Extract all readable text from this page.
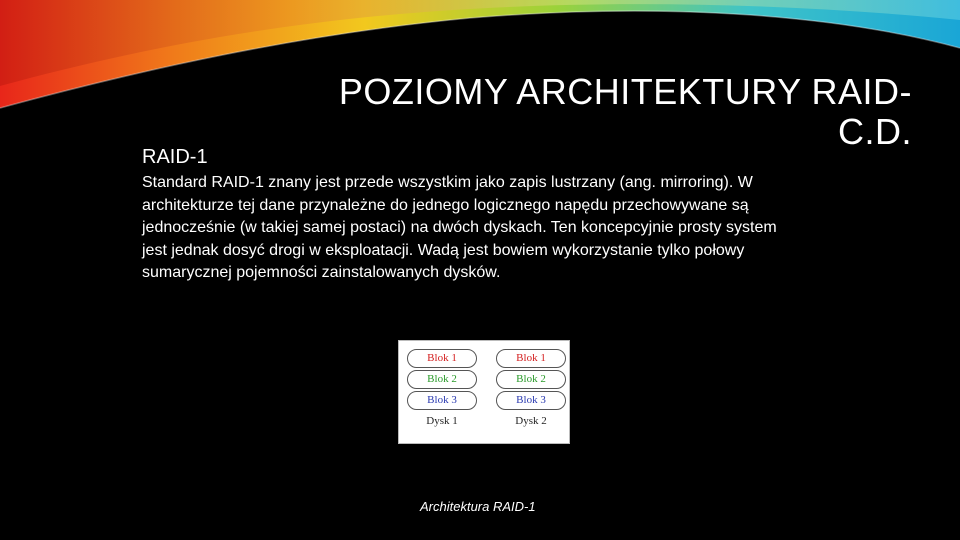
POZIOMY ARCHITEKTURY RAID- C.D.
RAID-1

Standard RAID-1 znany jest przede wszystkim jako zapis lustrzany (ang. mirroring). W architekturze tej dane przynależne do jednego logicznego napędu przechowywane są jednocześnie (w takiej samej postaci) na dwóch dyskach. Ten koncepcyjnie prosty system jest jednak dosyć drogi w eksploatacji. Wadą jest bowiem wykorzystanie tylko połowy sumarycznej pojemności zainstalowanych dysków.

Blok 1
Blok 2
Blok 3
Dysk 1
Blok 1
Blok 2
Blok 3
Dysk 2
Architektura RAID-1
